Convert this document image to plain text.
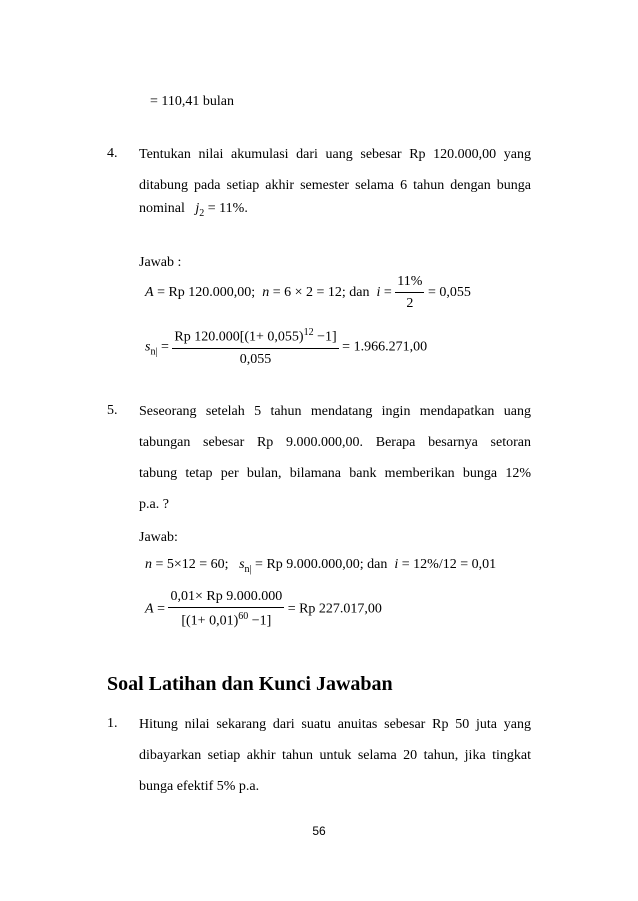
= 110,41 bulan
4. Tentukan nilai akumulasi dari uang sebesar Rp 120.000,00 yang
ditabung pada setiap akhir semester selama 6 tahun dengan bunga
nominal $j_2 = 11\%$.
Jawab :
A = Rp 120.000,00; n = 6 × 2 = 12; dan $i = \frac{11\%}{2} = 0,055$
$s_{n|} = \frac{Rp 120.000[(1+ 0,055)^{12} -1]}{0,055} = 1.966.271,00$
5. Seseorang setelah 5 tahun mendatang ingin mendapatkan uang
tabungan sebesar Rp 9.000.000,00. Berapa besarnya setoran
tabung tetap per bulan, bilamana bank memberikan bunga 12%
p.a. ?
Jawab:
n = 5×12 = 60; $s_{n|} = Rp$ 9.000.000,00; dan i = 12%/12 = 0,01
$A = \frac{0,01\times Rp 9.000.000}{[(1+ 0,01)^{60} -1]} = Rp$ 227.017,00
Soal Latihan dan Kunci Jawaban
1. Hitung nilai sekarang dari suatu anuitas sebesar Rp 50 juta yang
dibayarkan setiap akhir tahun untuk selama 20 tahun, jika tingkat
bunga efektif 5% p.a.
56
